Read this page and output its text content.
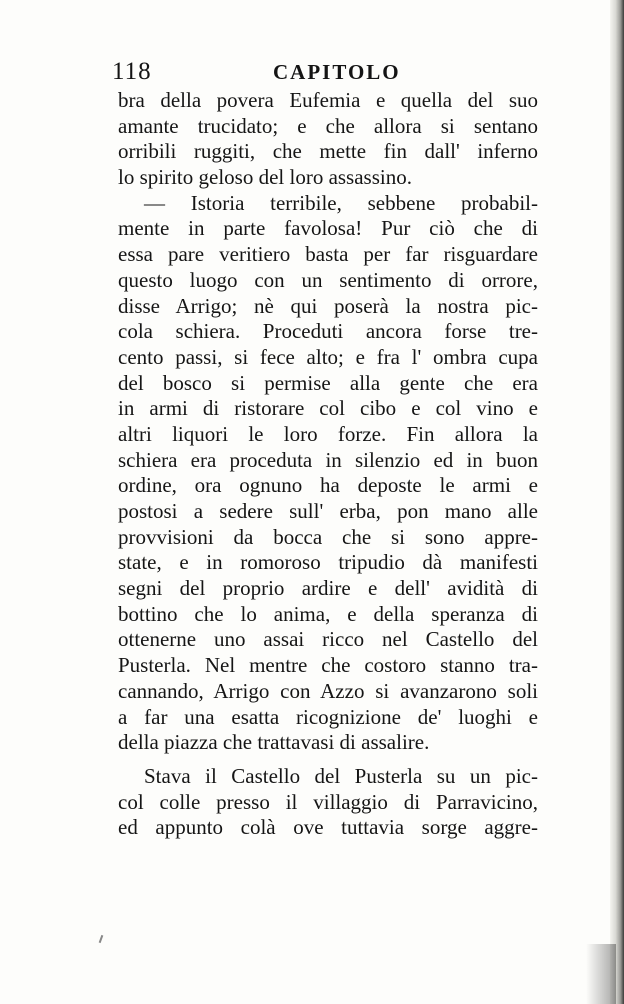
118	CAPITOLO
bra della povera Eufemia e quella del suo
amante trucidato; e che allora si sentano
orribili ruggiti, che mette fin dall' inferno
lo spirito geloso del loro assassino.
— Istoria terribile, sebbene probabil-
mente in parte favolosa! Pur ciò che di
essa pare veritiero basta per far risguardare
questo luogo con un sentimento di orrore,
disse Arrigo; nè qui poserà la nostra pic-
cola schiera. Proceduti ancora forse tre-
cento passi, si fece alto; e fra l' ombra cupa
del bosco si permise alla gente che era
in armi di ristorare col cibo e col vino e
altri liquori le loro forze. Fin allora la
schiera era proceduta in silenzio ed in buon
ordine, ora ognuno ha deposte le armi e
postosi a sedere sull' erba, pon mano alle
provvisioni da bocca che si sono appre-
state, e in romoroso tripudio dà manifesti
segni del proprio ardire e dell' avidità di
bottino che lo anima, e della speranza di
ottenerne uno assai ricco nel Castello del
Pusterla. Nel mentre che costoro stanno tra-
cannando, Arrigo con Azzo si avanzarono soli
a far una esatta ricognizione de' luoghi e
della piazza che trattavasi di assalire.
Stava il Castello del Pusterla su un pic-
col colle presso il villaggio di Parravicino,
ed appunto colà ove tuttavia sorge aggre-
